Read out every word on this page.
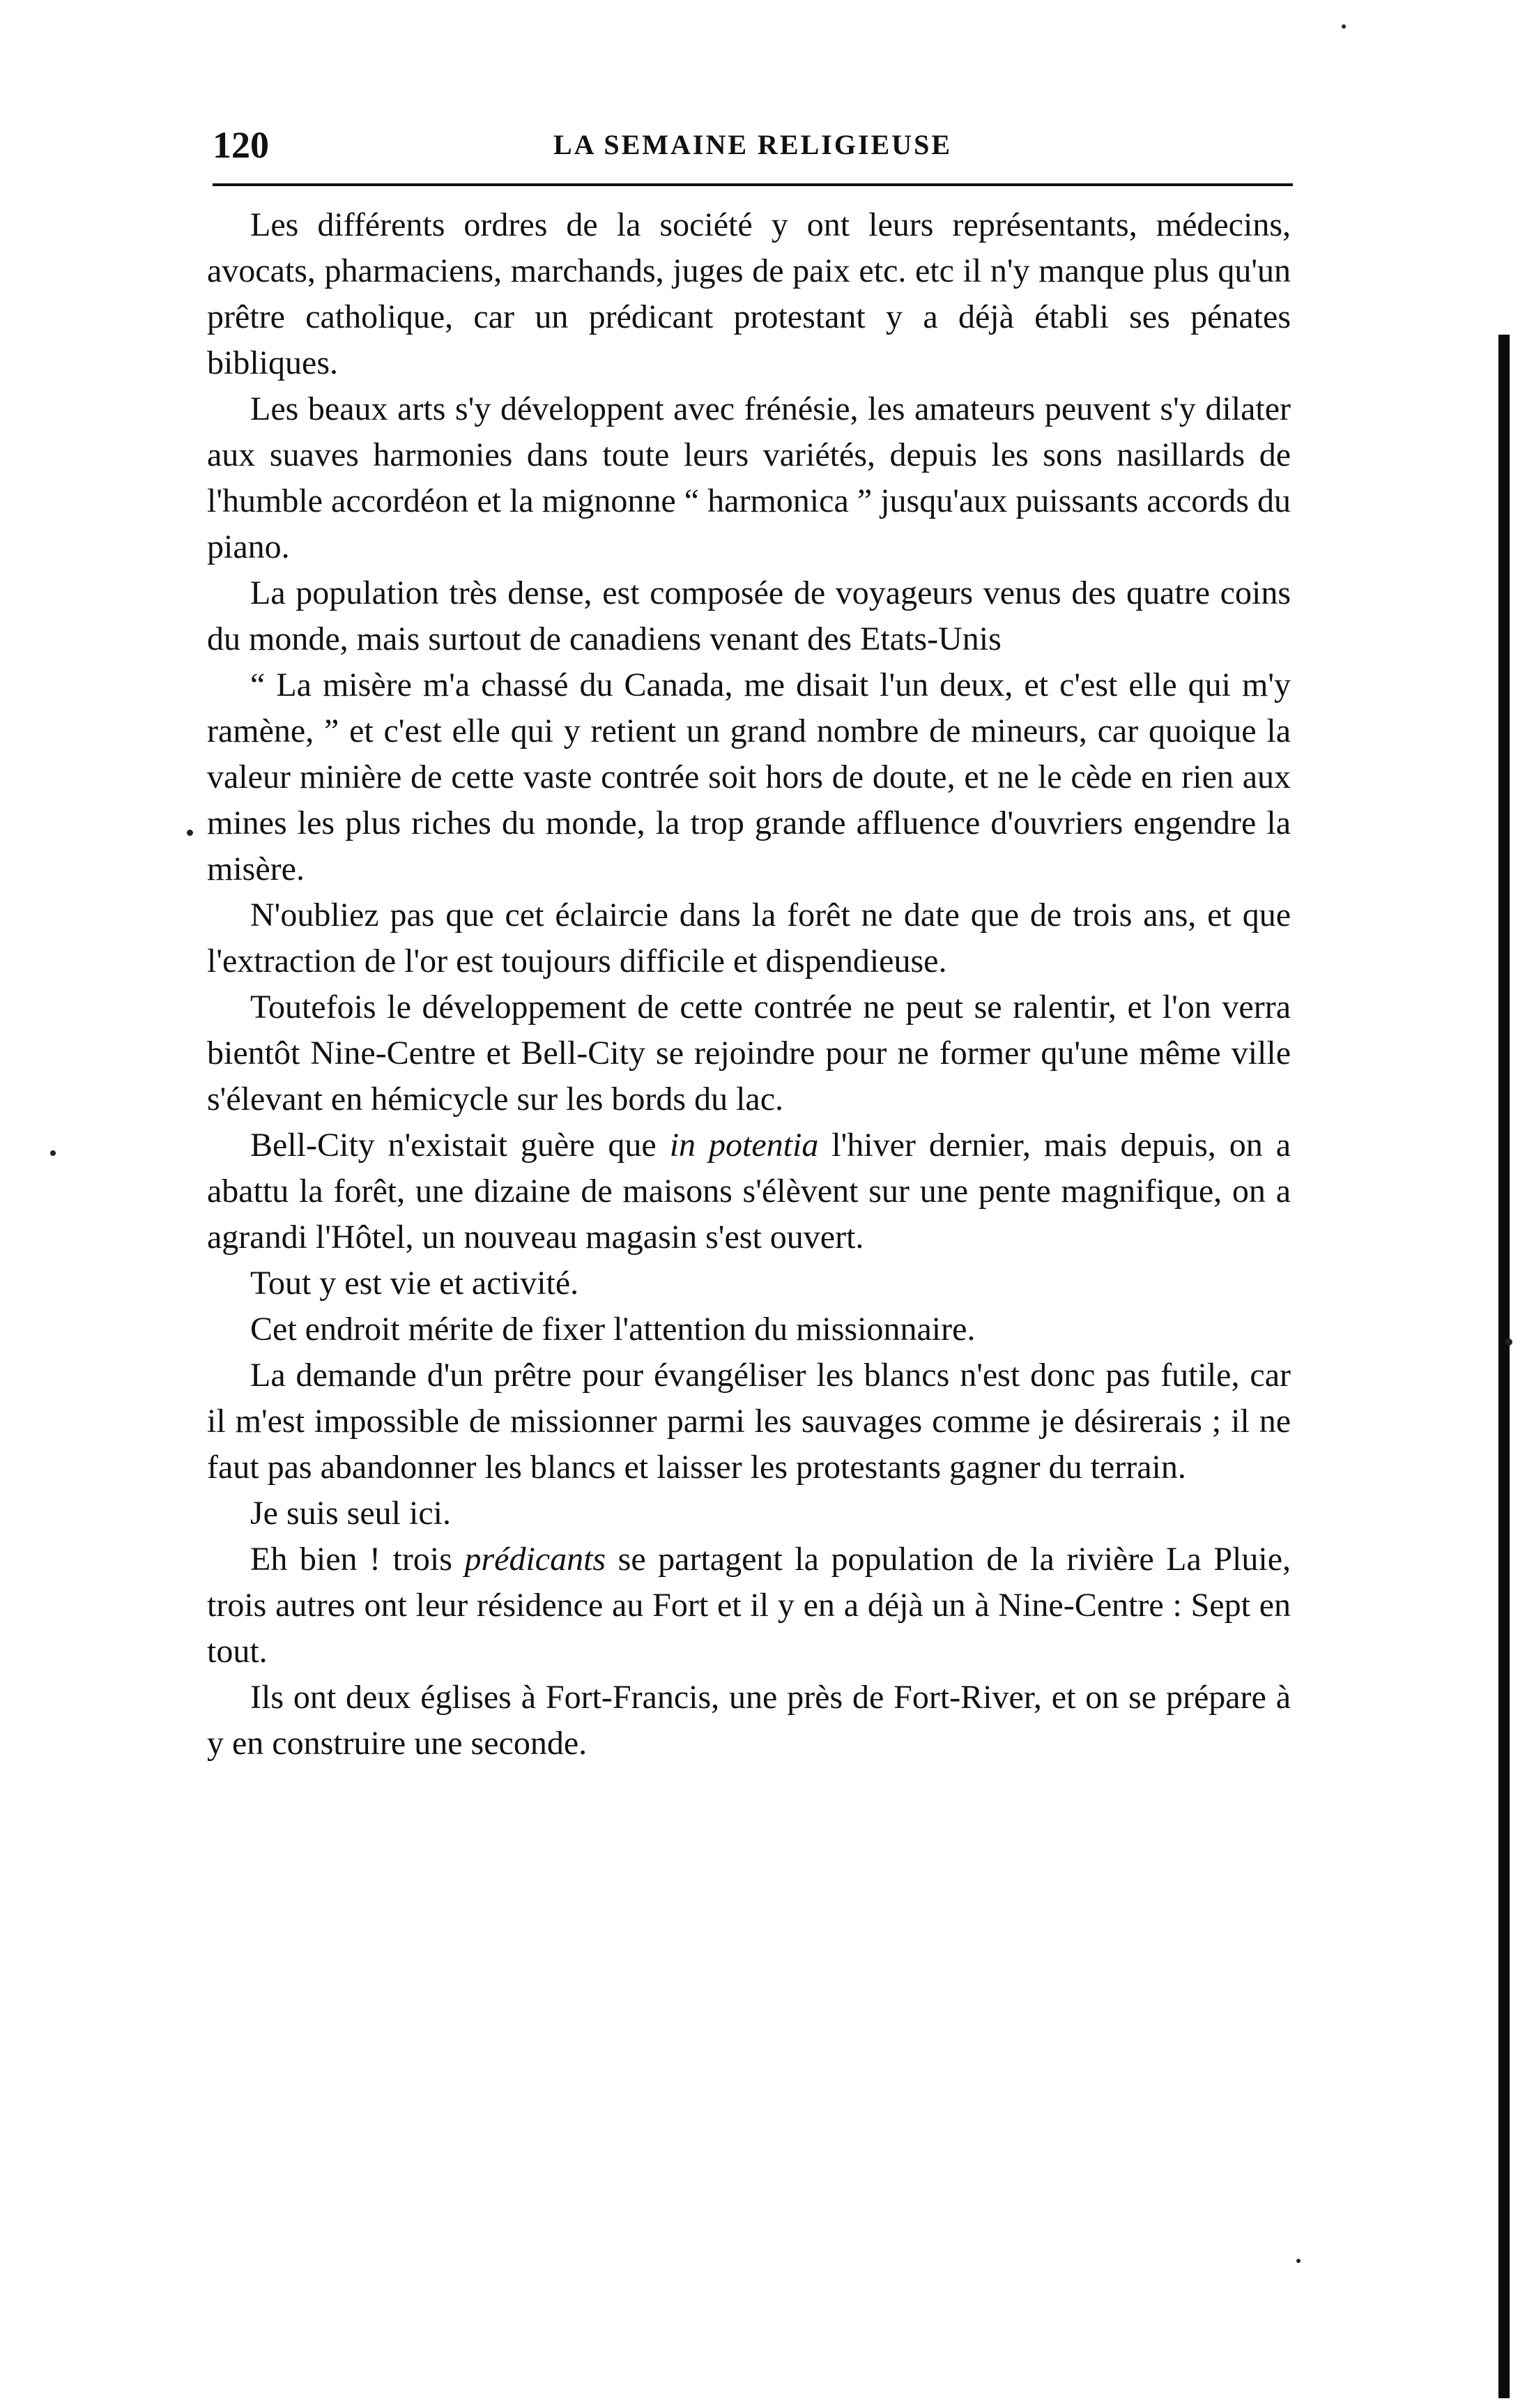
120	LA SEMAINE RELIGIEUSE

Les différents ordres de la société y ont leurs représentants, médecins, avocats, pharmaciens, marchands, juges de paix etc. etc il n'y manque plus qu'un prêtre catholique, car un prédicant protestant y a déjà établi ses pénates bibliques.

Les beaux arts s'y développent avec frénésie, les amateurs peuvent s'y dilater aux suaves harmonies dans toute leurs variétés, depuis les sons nasillards de l'humble accordéon et la mignonne “ harmonica ” jusqu'aux puissants accords du piano.

La population très dense, est composée de voyageurs venus des quatre coins du monde, mais surtout de canadiens venant des Etats-Unis

“ La misère m'a chassé du Canada, me disait l'un deux, et c'est elle qui m'y ramène, ” et c'est elle qui y retient un grand nombre de mineurs, car quoique la valeur minière de cette vaste contrée soit hors de doute, et ne le cède en rien aux mines les plus riches du monde, la trop grande affluence d'ouvriers engendre la misère.

N'oubliez pas que cet éclaircie dans la forêt ne date que de trois ans, et que l'extraction de l'or est toujours difficile et dispendieuse.

Toutefois le développement de cette contrée ne peut se ralentir, et l'on verra bientôt Nine-Centre et Bell-City se rejoindre pour ne former qu'une même ville s'élevant en hémicycle sur les bords du lac.

Bell-City n'existait guère que in potentia l'hiver dernier, mais depuis, on a abattu la forêt, une dizaine de maisons s'élèvent sur une pente magnifique, on a agrandi l'Hôtel, un nouveau magasin s'est ouvert.

Tout y est vie et activité.

Cet endroit mérite de fixer l'attention du missionnaire.

La demande d'un prêtre pour évangéliser les blancs n'est donc pas futile, car il m'est impossible de missionner parmi les sauvages comme je désirerais ; il ne faut pas abandonner les blancs et laisser les protestants gagner du terrain.

Je suis seul ici.

Eh bien ! trois prédicants se partagent la population de la rivière La Pluie, trois autres ont leur résidence au Fort et il y en a déjà un à Nine-Centre : Sept en tout.

Ils ont deux églises à Fort-Francis, une près de Fort-River, et on se prépare à y en construire une seconde.
